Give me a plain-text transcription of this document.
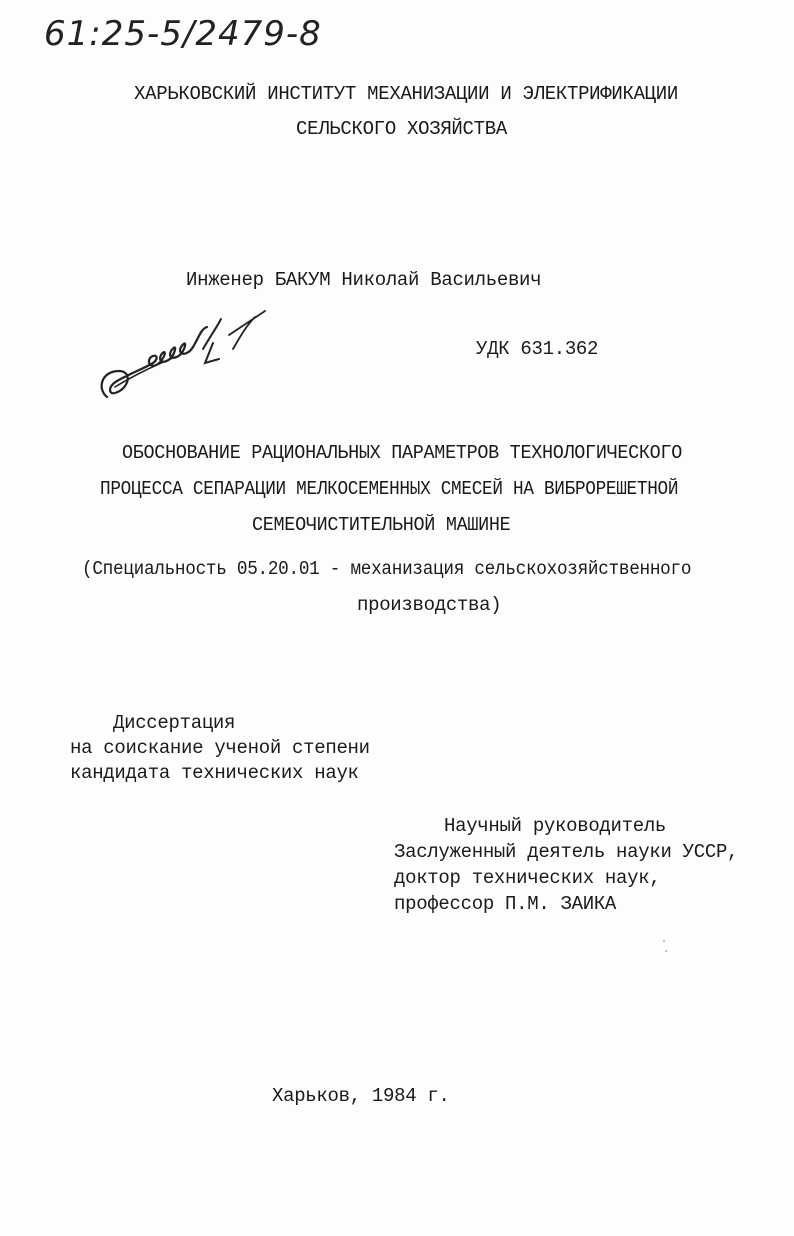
61:25-5/2479-8
ХАРЬКОВСКИЙ ИНСТИТУТ МЕХАНИЗАЦИИ И ЭЛЕКТРИФИКАЦИИ
СЕЛЬСКОГО ХОЗЯЙСТВА
Инженер БАКУМ Николай Васильевич
УДК 631.362
ОБОСНОВАНИЕ РАЦИОНАЛЬНЫХ ПАРАМЕТРОВ ТЕХНОЛОГИЧЕСКОГО
ПРОЦЕССА СЕПАРАЦИИ МЕЛКОСЕМЕННЫХ СМЕСЕЙ НА ВИБРОРЕШЕТНОЙ
СЕМЕОЧИСТИТЕЛЬНОЙ МАШИНЕ
(Специальность 05.20.01 - механизация сельскохозяйственного
производства)
Диссертация
на соискание ученой степени
кандидата технических наук
Научный руководитель
Заслуженный деятель науки УССР,
доктор технических наук,
профессор П.М. ЗАИКА
Харьков, 1984 г.
